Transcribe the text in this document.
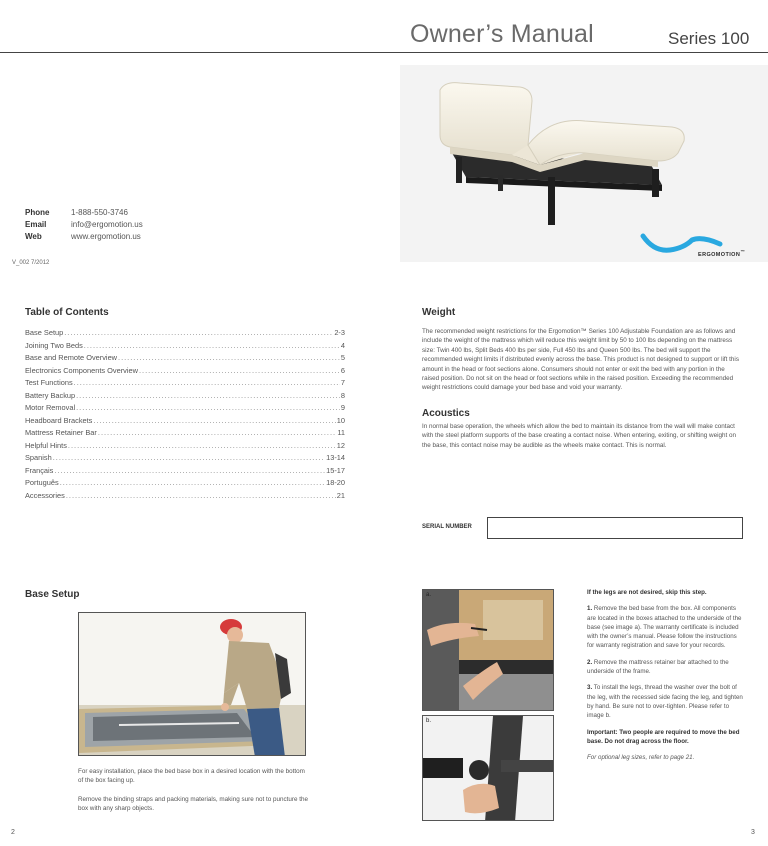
Owner’s Manual	Series 100
Phone	1-888-550-3746
Email	info@ergomotion.us
Web	www.ergomotion.us
V_002 7/2012
ERGOMOTION™
Table of Contents
Base Setup .....	2-3
Joining Two Beds .....	4
Base and Remote Overview .....	5
Electronics Components Overview .....	6
Test Functions .....	7
Battery Backup .....	8
Motor Removal .....	9
Headboard Brackets .....	10
Mattress Retainer Bar .....	11
Helpful Hints .....	12
Spanish .....	13-14
Français .....	15-17
Português .....	18-20
Accessories .....	21
Weight

The recommended weight restrictions for the Ergomotion™ Series 100 Adjustable Foundation are as follows and include the weight of the mattress which will reduce this weight limit by 50 to 100 lbs depending on the mattress size: Twin 400 lbs, Split Beds 400 lbs per side, Full 450 lbs and Queen 500 lbs. The bed will support the recommended weight limits if distributed evenly across the base. This product is not designed to support or lift this amount in the head or foot sections alone. Consumers should not enter or exit the bed with any portion in the raised position. Do not sit on the head or foot sections while in the raised position. Exceeding the recommended weight restrictions could damage your bed base and void your warranty.

Acoustics

In normal base operation, the wheels which allow the bed to maintain its distance from the wall will make contact with the steel platform supports of the base creating a contact noise. When entering, exiting, or shifting weight on the base, this contact noise may be audible as the wheels make contact. This is normal.

SERIAL NUMBER
Base Setup

For easy installation, place the bed base box in a desired location with the bottom of the box facing up.

Remove the binding straps and packing materials, making sure not to puncture the box with any sharp objects.

a.
b.

If the legs are not desired, skip this step.

1. Remove the bed base from the box. All components are located in the boxes attached to the underside of the base (see image a). The warranty certificate is included with the owner’s manual. Please follow the instructions for warranty registration and save for your records.

2. Remove the mattress retainer bar attached to the underside of the frame.

3. To install the legs, thread the washer over the bolt of the leg, with the recessed side facing the leg, and tighten by hand. Be sure not to over-tighten. Please refer to image b.

Important: Two people are required to move the bed base. Do not drag across the floor.

For optional leg sizes, refer to page 21.

2	3
